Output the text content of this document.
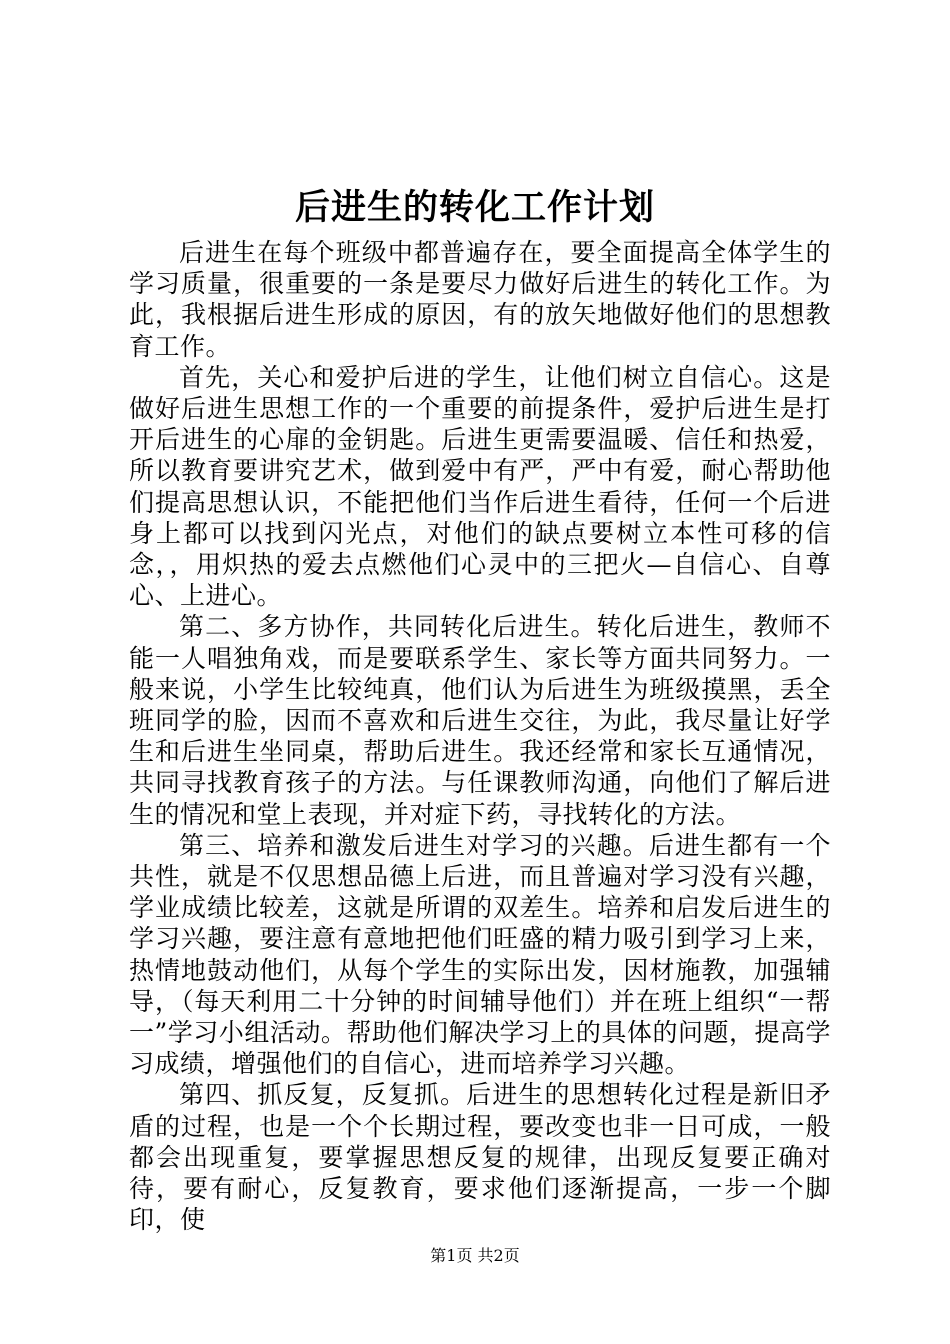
后进生的转化工作计划

后进生在每个班级中都普遍存在，要全面提高全体学生的学习质量，很重要的一条是要尽力做好后进生的转化工作。为此，我根据后进生形成的原因，有的放矢地做好他们的思想教育工作。

首先，关心和爱护后进的学生，让他们树立自信心。这是做好后进生思想工作的一个重要的前提条件，爱护后进生是打开后进生的心扉的金钥匙。后进生更需要温暖、信任和热爱，所以教育要讲究艺术，做到爱中有严，严中有爱，耐心帮助他们提高思想认识，不能把他们当作后进生看待，任何一个后进身上都可以找到闪光点，对他们的缺点要树立本性可移的信念，，用炽热的爱去点燃他们心灵中的三把火—自信心、自尊心、上进心。

第二、多方协作，共同转化后进生。转化后进生，教师不能一人唱独角戏，而是要联系学生、家长等方面共同努力。一般来说，小学生比较纯真，他们认为后进生为班级摸黑，丢全班同学的脸，因而不喜欢和后进生交往，为此，我尽量让好学生和后进生坐同桌，帮助后进生。我还经常和家长互通情况，共同寻找教育孩子的方法。与任课教师沟通，向他们了解后进生的情况和堂上表现，并对症下药，寻找转化的方法。

第三、培养和激发后进生对学习的兴趣。后进生都有一个共性，就是不仅思想品德上后进，而且普遍对学习没有兴趣，学业成绩比较差，这就是所谓的双差生。培养和启发后进生的学习兴趣，要注意有意地把他们旺盛的精力吸引到学习上来，热情地鼓动他们，从每个学生的实际出发，因材施教，加强辅导，（每天利用二十分钟的时间辅导他们）并在班上组织“一帮一”学习小组活动。帮助他们解决学习上的具体的问题，提高学习成绩，增强他们的自信心，进而培养学习兴趣。

第四、抓反复，反复抓。后进生的思想转化过程是新旧矛盾的过程，也是一个个长期过程，要改变也非一日可成，一般都会出现重复，要掌握思想反复的规律，出现反复要正确对待，要有耐心，反复教育，要求他们逐渐提高，一步一个脚印，使

第1页 共2页
